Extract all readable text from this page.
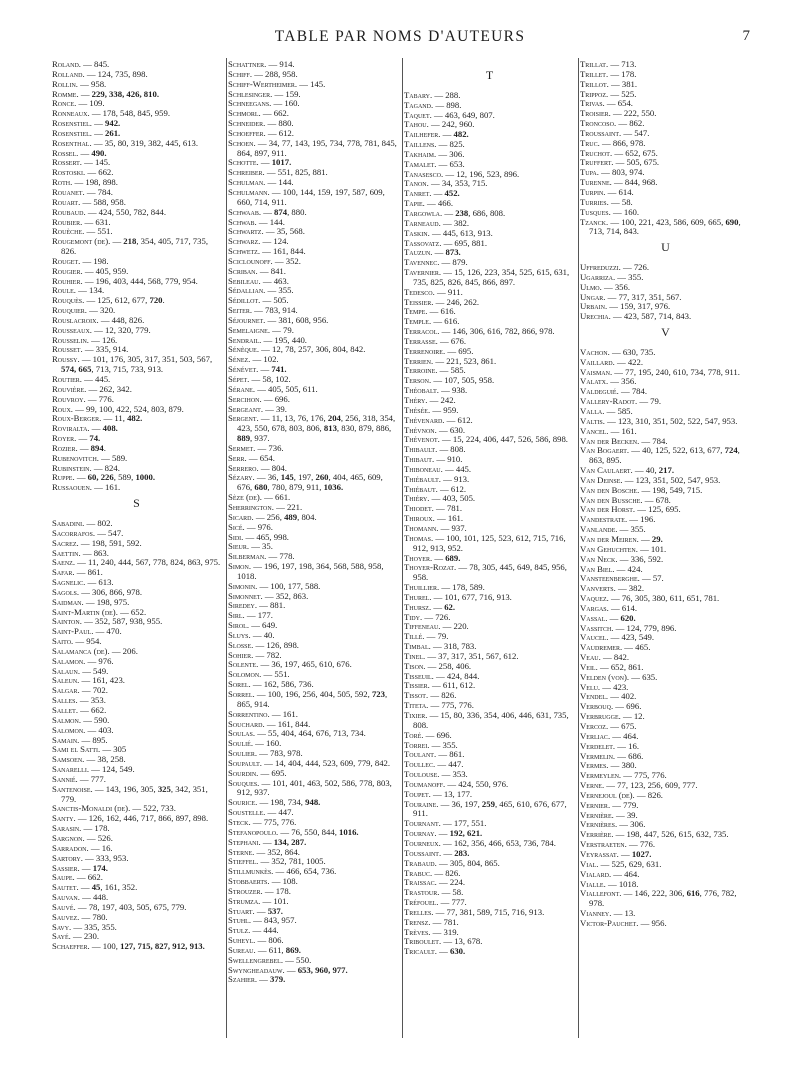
TABLE PAR NOMS D'AUTEURS	7
Roland. — 845.
Rolland. — 124, 735, 898.
Rollin. — 958.
Romme. — 229, 338, 426, 810.
Ronce. — 109.
Ronneaux. — 178, 548, 845, 959.
Rosenstiel. — 942.
Rosenstiel. — 261.
Rosenthal. — 35, 80, 319, 382, 445, 613.
Rossel. — 490.
Rossert. — 145.
Rostoski. — 662.
Roth. — 198, 898.
Rouanet. — 784.
Rouart. — 588, 958.
Roubaud. — 424, 550, 782, 844.
Roubier. — 631.
Rouèche. — 551.
Rougemont (de). — 218, 354, 405, 717, 735, 826.
Rouget. — 198.
Rougier. — 405, 959.
Rouhier. — 196, 403, 444, 568, 779, 954.
Roule. — 134.
Rouquès. — 125, 612, 677, 720.
Rouquier. — 320.
Rouslacroix. — 448, 826.
Rousseaux. — 12, 320, 779.
Rousselin. — 126.
Rousset. — 335, 914.
Roussy. — 101, 176, 305, 317, 351, 503, 567, 574, 665, 713, 715, 733, 913.
Routier. — 445.
Rouvière. — 262, 342.
Rouvroy. — 776.
Roux. — 99, 100, 422, 524, 803, 879.
Roux-Berger. — 11, 482.
Roviralta. — 408.
Royer. — 74.
Rozier. — 894.
Rubenovitch. — 589.
Rubinstein. — 824.
Ruppe. — 60, 226, 589, 1000.
Russaouen. — 161.
S
Sabadini. — 802.
Sacorrafos. — 547.
Sacrez. — 198, 591, 592.
Saettin. — 863.
Saenz. — 11, 240, 444, 567, 778, 824, 863, 975.
Safar. — 861.
Sagnelic. — 613.
Sagols. — 306, 866, 978.
Saidman. — 198, 975.
Saint-Martin (de). — 652.
Sainton. — 352, 587, 938, 955.
Saint-Paul. — 470.
Saito. — 954.
Salamanca (de). — 206.
Salamon. — 976.
Salaun. — 549.
Saleun. — 161, 423.
Salgar. — 702.
Salles. — 353.
Sallet. — 662.
Salmon. — 590.
Salomon. — 403.
Samain. — 895.
Sami el Satti. — 305
Samsoen. — 38, 258.
Sanarelli. — 124, 549.
Sannié. — 777.
Santenoise. — 143, 196, 305, 325, 342, 351, 779.
Sanctis-Monaldi (de). — 522, 733.
Santy. — 126, 162, 446, 717, 866, 897, 898.
Sarasin. — 178.
Sargnon. — 526.
Sarradon. — 16.
Sartory. — 333, 953.
Sassier. — 174.
Saupe. — 662.
Sautet. — 45, 161, 352.
Sauvan. — 448.
Sauvé. — 78, 197, 403, 505, 675, 779.
Sauvez. — 780.
Savy. — 335, 355.
Sayé. — 230.
Schaeffer. — 100, 127, 715, 827, 912, 913.
Schattner. — 914.
Schiff. — 288, 958.
Schiff-Wertheimer. — 145.
Schlesinger. — 159.
Schneegans. — 160.
Schmorl. — 662.
Schneider. — 880.
Schoeffer. — 612.
Schoen. — 34, 77, 143, 195, 734, 778, 781, 845, 864, 897, 911.
Schotte. — 1017.
Schreiber. — 551, 825, 881.
Schulman. — 144.
Schulmann. — 100, 144, 159, 197, 587, 609, 660, 714, 911.
Schwaab. — 874, 880.
Schwab. — 144.
Schwartz. — 35, 568.
Schwarz. — 124.
Schwetz. — 161, 844.
Sciclounoff. — 352.
Scriban. — 841.
Sebileau. — 463.
Sédallian. — 355.
Sédillot. — 505.
Seiter. — 783, 914.
Séjournet. — 381, 608, 956.
Semelaigne. — 79.
Sendrail. — 195, 440.
Sénèque. — 12, 78, 257, 306, 804, 842.
Sénez. — 102.
Sénévet. — 741.
Sépet. — 58, 102.
Sérane. — 405, 505, 611.
Sercihon. — 696.
Sergeant. — 39.
Sergent. — 11, 13, 76, 176, 204, 256, 318, 354, 423, 550, 678, 803, 806, 813, 830, 879, 886, 889, 937.
Sermet. — 736.
Serr. — 654.
Serrero. — 804.
Sézary. — 36, 145, 197, 260, 404, 465, 609, 676, 680, 780, 879, 911, 1036.
Sèze (de). — 661.
Sherrington. — 221.
Sicard. — 256, 489, 804.
Sicé. — 976.
Sidi. — 465, 998.
Sieur. — 35.
Silberman. — 778.
Simon. — 196, 197, 198, 364, 568, 588, 958, 1018.
Simonin. — 100, 177, 588.
Simonnet. — 352, 863.
Siredey. — 881.
Sirl. — 177.
Sirol. — 649.
Sluys. — 40.
Slosse. — 126, 898.
Sohier. — 782.
Solente. — 36, 197, 465, 610, 676.
Solomon. — 551.
Sorel. — 162, 586, 736.
Sorrel. — 100, 196, 256, 404, 505, 592, 723, 865, 914.
Sorrentino. — 161.
Souchard. — 161, 844.
Soulas. — 55, 404, 464, 676, 713, 734.
Soulié. — 160.
Soulier. — 783, 978.
Soupault. — 14, 404, 444, 523, 609, 779, 842.
Sourdin. — 695.
Souques. — 101, 401, 463, 502, 586, 778, 803, 912, 937.
Sourice. — 198, 734, 948.
Soustelle. — 447.
Steck. — 775, 776.
Stefanopoulo. — 76, 550, 844, 1016.
Stephani. — 134, 287.
Sterne. — 352, 864.
Stieffel. — 352, 781, 1005.
Stillmunkès. — 466, 654, 736.
Stobbaerts. — 108.
Strouzer. — 178.
Strumza. — 101.
Stuart. — 537.
Stuhl. — 843, 957.
Stulz. — 444.
Suheyl. — 806.
Sureau. — 611, 869.
Swellengrebel. — 550.
Swyngheadauw. — 653, 960, 977.
Szahier. — 379.
T
Tabary. — 288.
Tagand. — 898.
Taquet. — 463, 649, 807.
Tahou. — 242, 960.
Tailhefer. — 482.
Taillens. — 825.
Takhaim. — 306.
Tamalet. — 653.
Tanasesco. — 12, 196, 523, 896.
Tanon. — 34, 353, 715.
Tanret. — 452.
Tapie. — 466.
Targowla. — 238, 686, 808.
Tarneaud. — 382.
Taskin. — 445, 613, 913.
Tassovatz. — 695, 881.
Tauzun. — 873.
Tavennec. — 879.
Tavernier. — 15, 126, 223, 354, 525, 615, 631, 735, 825, 826, 845, 866, 897.
Tedesco. — 911.
Teissier. — 246, 262.
Tempe. — 616.
Temple. — 616.
Terracol. — 146, 306, 616, 782, 866, 978.
Terrasse. — 676.
Terrenoire. — 695.
Terrien. — 221, 523, 861.
Terroine. — 585.
Terson. — 107, 505, 958.
Théobalt. — 938.
Théry. — 242.
Thésée. — 959.
Thévenard. — 612.
Thévnon. — 630.
Thévenot. — 15, 224, 406, 447, 526, 586, 898.
Thibault. — 808.
Thibaut. — 910.
Thiboneau. — 445.
Thiébault. — 913.
Thiébaut. — 612.
Thiéry. — 403, 505.
Thiodet. — 781.
Thiroux. — 161.
Thomann. — 937.
Thomas. — 100, 101, 125, 523, 612, 715, 716, 912, 913, 952.
Thoyer. — 689.
Thoyer-Rozat. — 78, 305, 445, 649, 845, 956, 958.
Thuillier. — 178, 589.
Thurel. — 101, 677, 716, 913.
Thursz. — 62.
Tidy. — 726.
Tiffeneau. — 220.
Tillé. — 79.
Timbal. — 318, 783.
Tinel. — 37, 317, 351, 567, 612.
Tison. — 258, 406.
Tisseuil. — 424, 844.
Tissier. — 611, 612.
Tissot. — 826.
Titeta. — 775, 776.
Tixier. — 15, 80, 336, 354, 406, 446, 631, 735, 808.
Toré. — 696.
Torrei. — 355.
Toulant. — 861.
Toullec. — 447.
Toulouse. — 353.
Toumanoff. — 424, 550, 976.
Toupet. — 13, 177.
Touraine. — 36, 197, 259, 465, 610, 676, 677, 911.
Tournant. — 177, 551.
Tournay. — 192, 621.
Tourneux. — 162, 356, 466, 653, 736, 784.
Toussaint. — 283.
Trabaud. — 305, 804, 865.
Trabuc. — 826.
Traissac. — 224.
Trastour. — 58.
Tréfouel. — 777.
Trelles. — 77, 381, 589, 715, 716, 913.
Trensz. — 781.
Trèves. — 319.
Triboulet. — 13, 678.
Tricault. — 630.
Trillat. — 713.
Trillet. — 178.
Trillot. — 381.
Trippoz. — 525.
Trivas. — 654.
Troisier. — 222, 550.
Troncoso. — 862.
Troussaint. — 547.
Truc. — 866, 978.
Truchot. — 652, 675.
Truffert. — 505, 675.
Tupa. — 803, 974.
Turenne. — 844, 968.
Turpin. — 614.
Turries. — 58.
Tusques. — 160.
Tzanck. — 100, 221, 423, 586, 609, 665, 690, 713, 714, 843.
U
Uffreduzzi. — 726.
Ugarriza. — 355.
Ulmo. — 356.
Ungar. — 77, 317, 351, 567.
Urbain. — 159, 317, 976.
Urechia. — 423, 587, 714, 843.
V
Vachon. — 630, 735.
Vaillard. — 422.
Vaisman. — 77, 195, 240, 610, 734, 778, 911.
Valatx. — 356.
Valdeguié. — 784.
Vallery-Radot. — 79.
Valla. — 585.
Valtis. — 123, 310, 351, 502, 522, 547, 953.
Vancel. — 161.
Van der Becken. — 784.
Van Bogaert. — 40, 125, 522, 613, 677, 724, 863, 895.
Van Caulaert. — 40, 217.
Van Deinse. — 123, 351, 502, 547, 953.
Van den Bosche. — 198, 549, 715.
Van den Bussche. — 678.
Van der Horst. — 125, 695.
Vandestrate. — 196.
Vanlande. — 355.
Van der Meiren. — 29.
Van Gehuchten. — 101.
Van Neck. — 336, 592.
Van Biel. — 424.
Vansteenberghe. — 57.
Vanverts. — 382.
Vaquez. — 76, 305, 380, 611, 651, 781.
Vargas. — 614.
Vassal. — 620.
Vassitch. — 124, 779, 896.
Vaucel. — 423, 549.
Vaudremer. — 465.
Veau. — 842.
Veil. — 652, 861.
Velden (von). — 635.
Velu. — 423.
Vendel. — 402.
Verbouq. — 696.
Verbrugge. — 12.
Vercoz. — 675.
Verliac. — 464.
Verdelet. — 16.
Vermelin. — 686.
Vermes. — 380.
Vermeylen. — 775, 776.
Verne. — 77, 123, 256, 609, 777.
Vernejoul (de). — 826.
Vernier. — 779.
Vernière. — 39.
Vernières. — 306.
Verrière. — 198, 447, 526, 615, 632, 735.
Verstraeten. — 776.
Veyrassat. — 1027.
Vial. — 525, 629, 631.
Vialard. — 464.
Vialle. — 1018.
Viallefont. — 146, 222, 306, 616, 776, 782, 978.
Vianney. — 13.
Victor-Pauchet. — 956.
